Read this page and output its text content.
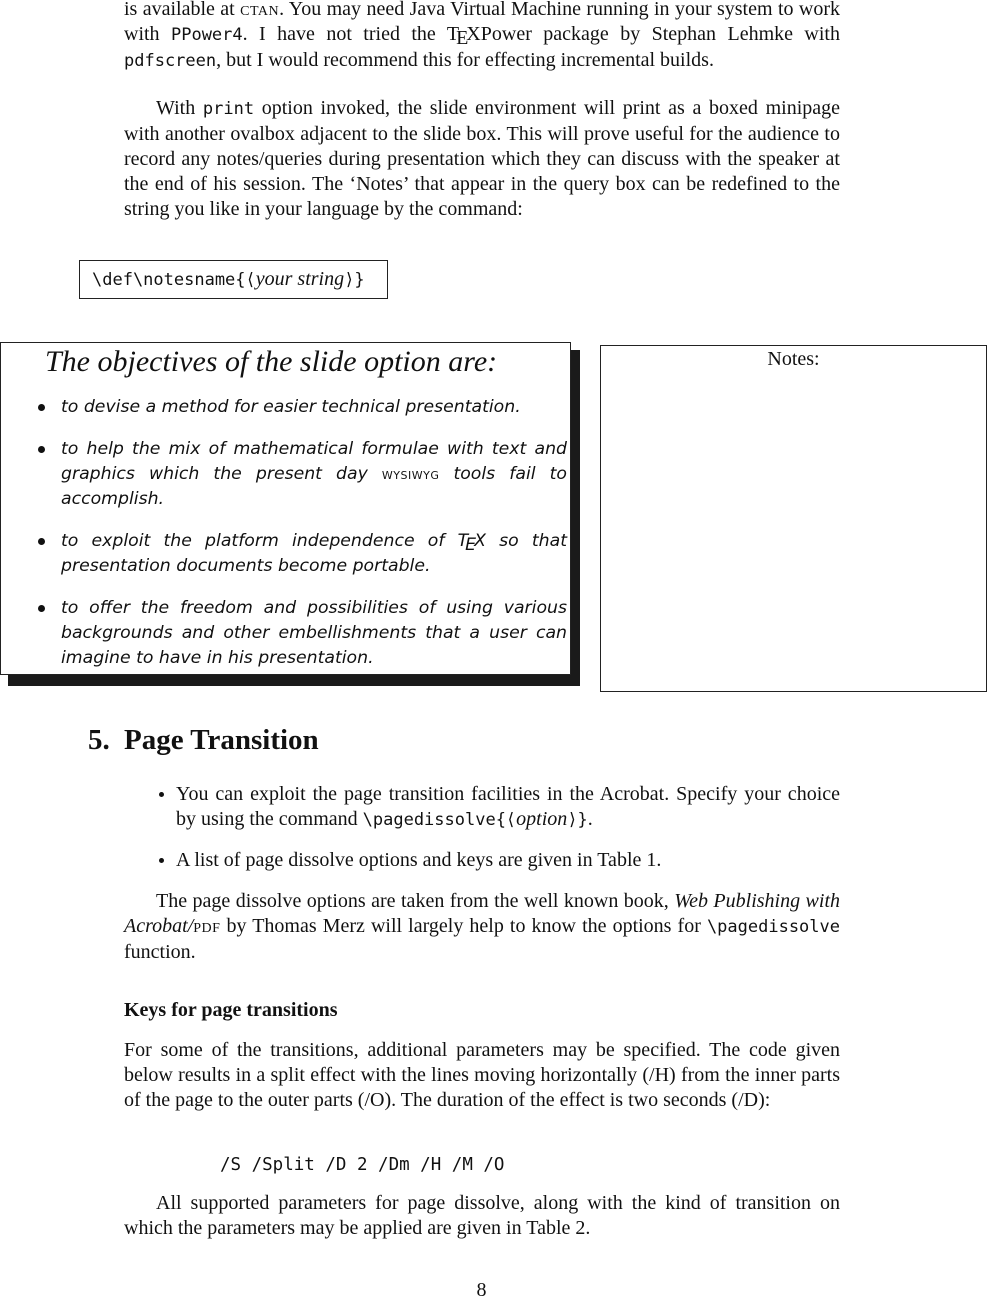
is available at ctan. You may need Java Virtual Machine running in your system to work with PPower4. I have not tried the TEXPower package by Stephan Lehmke with pdfscreen, but I would recommend this for effecting incremental builds.

With print option invoked, the slide environment will print as a boxed minipage with another ovalbox adjacent to the slide box. This will prove useful for the audience to record any notes/queries during presentation which they can discuss with the speaker at the end of his session. The ‘Notes’ that appear in the query box can be redefined to the string you like in your language by the command:

\def\notesname{⟨your string⟩}

The objectives of the slide option are:

to devise a method for easier technical presentation.
to help the mix of mathematical formulae with text and graphics which the present day wysiwyg tools fail to accomplish.
to exploit the platform independence of TEX so that presentation documents become portable.
to offer the freedom and possibilities of using various backgrounds and other embellishments that a user can imagine to have in his presentation.
Notes:
5. Page Transition
You can exploit the page transition facilities in the Acrobat. Specify your choice by using the command \pagedissolve{⟨option⟩}.
A list of page dissolve options and keys are given in Table 1.

The page dissolve options are taken from the well known book, Web Publishing with Acrobat/pdf by Thomas Merz will largely help to know the options for \pagedissolve function.

Keys for page transitions

For some of the transitions, additional parameters may be specified. The code given below results in a split effect with the lines moving horizontally (/H) from the inner parts of the page to the outer parts (/O). The duration of the effect is two seconds (/D):

/S /Split /D 2 /Dm /H /M /O

All supported parameters for page dissolve, along with the kind of transition on which the parameters may be applied are given in Table 2.

8
